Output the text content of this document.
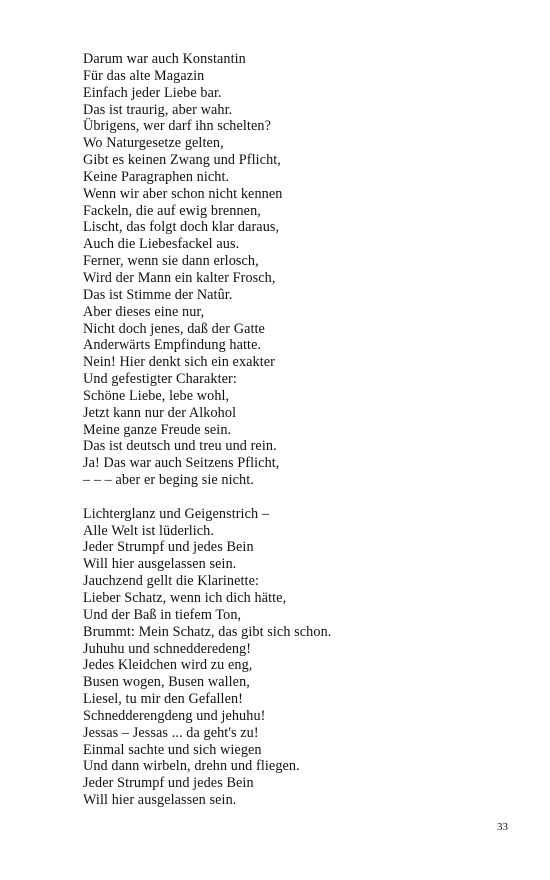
Darum war auch Konstantin
Für das alte Magazin
Einfach jeder Liebe bar.
Das ist traurig, aber wahr.
Übrigens, wer darf ihn schelten?
Wo Naturgesetze gelten,
Gibt es keinen Zwang und Pflicht,
Keine Paragraphen nicht.
Wenn wir aber schon nicht kennen
Fackeln, die auf ewig brennen,
Lischt, das folgt doch klar daraus,
Auch die Liebesfackel aus.
Ferner, wenn sie dann erlosch,
Wird der Mann ein kalter Frosch,
Das ist Stimme der Natûr.
Aber dieses eine nur,
Nicht doch jenes, daß der Gatte
Anderwärts Empfindung hatte.
Nein! Hier denkt sich ein exakter
Und gefestigter Charakter:
Schöne Liebe, lebe wohl,
Jetzt kann nur der Alkohol
Meine ganze Freude sein.
Das ist deutsch und treu und rein.
Ja! Das war auch Seitzens Pflicht,
– – – aber er beging sie nicht.
Lichterglanz und Geigenstrich –
Alle Welt ist lüderlich.
Jeder Strumpf und jedes Bein
Will hier ausgelassen sein.
Jauchzend gellt die Klarinette:
Lieber Schatz, wenn ich dich hätte,
Und der Baß in tiefem Ton,
Brummt: Mein Schatz, das gibt sich schon.
Juhuhu und schnedderedeng!
Jedes Kleidchen wird zu eng,
Busen wogen, Busen wallen,
Liesel, tu mir den Gefallen!
Schnedderengdeng und jehuhu!
Jessas – Jessas ... da geht's zu!
Einmal sachte und sich wiegen
Und dann wirbeln, drehn und fliegen.
Jeder Strumpf und jedes Bein
Will hier ausgelassen sein.
33
